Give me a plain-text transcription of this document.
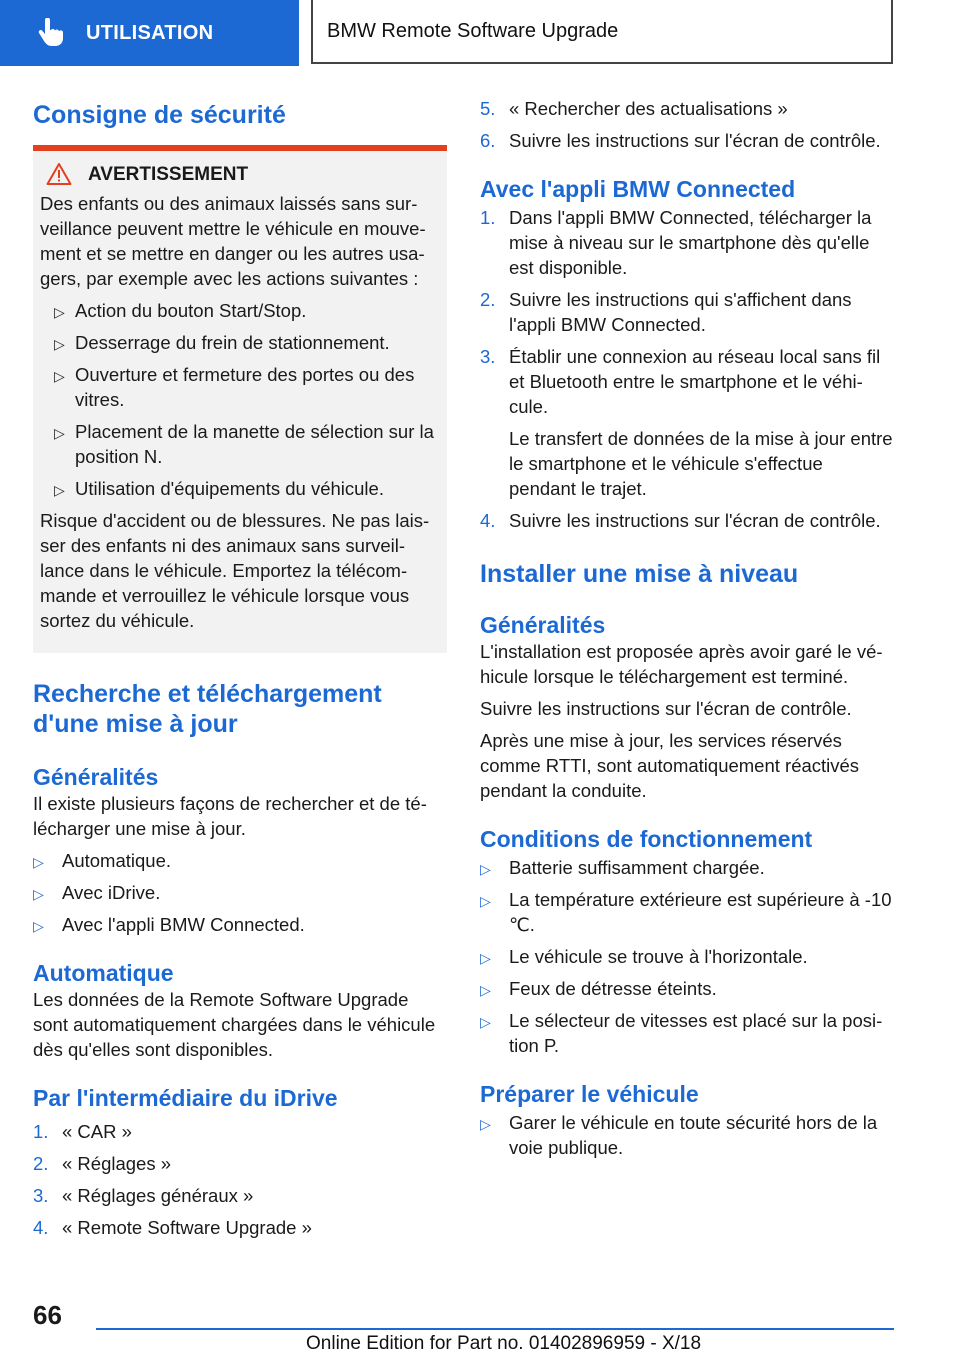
UTILISATION	BMW Remote Software Upgrade
Consigne de sécurité
AVERTISSEMENT

Des enfants ou des animaux laissés sans surveillance peuvent mettre le véhicule en mouvement et se mettre en danger ou les autres usagers, par exemple avec les actions suivantes :

▷ Action du bouton Start/Stop.
▷ Desserrage du frein de stationnement.
▷ Ouverture et fermeture des portes ou des vitres.
▷ Placement de la manette de sélection sur la position N.
▷ Utilisation d'équipements du véhicule.

Risque d'accident ou de blessures. Ne pas laisser des enfants ni des animaux sans surveillance dans le véhicule. Emportez la télécommande et verrouillez le véhicule lorsque vous sortez du véhicule.

Recherche et téléchargement d'une mise à jour
Généralités

Il existe plusieurs façons de rechercher et de télécharger une mise à jour.

▷ Automatique.
▷ Avec iDrive.
▷ Avec l'appli BMW Connected.
Automatique

Les données de la Remote Software Upgrade sont automatiquement chargées dans le véhicule dès qu'elles sont disponibles.

Par l'intermédiaire du iDrive
1. « CAR »
2. « Réglages »
3. « Réglages généraux »
4. « Remote Software Upgrade »
5. « Rechercher des actualisations »
6. Suivre les instructions sur l'écran de contrôle.
Avec l'appli BMW Connected
1. Dans l'appli BMW Connected, télécharger la mise à niveau sur le smartphone dès qu'elle est disponible.
2. Suivre les instructions qui s'affichent dans l'appli BMW Connected.
3. Établir une connexion au réseau local sans fil et Bluetooth entre le smartphone et le véhicule.

Le transfert de données de la mise à jour entre le smartphone et le véhicule s'effectue pendant le trajet.

4. Suivre les instructions sur l'écran de contrôle.
Installer une mise à niveau
Généralités

L'installation est proposée après avoir garé le véhicule lorsque le téléchargement est terminé.

Suivre les instructions sur l'écran de contrôle.

Après une mise à jour, les services réservés comme RTTI, sont automatiquement réactivés pendant la conduite.

Conditions de fonctionnement
▷ Batterie suffisamment chargée.
▷ La température extérieure est supérieure à ‑10 ℃.
▷ Le véhicule se trouve à l'horizontale.
▷ Feux de détresse éteints.
▷ Le sélecteur de vitesses est placé sur la position P.
Préparer le véhicule
▷ Garer le véhicule en toute sécurité hors de la voie publique.
66
Online Edition for Part no. 01402896959 - X/18
